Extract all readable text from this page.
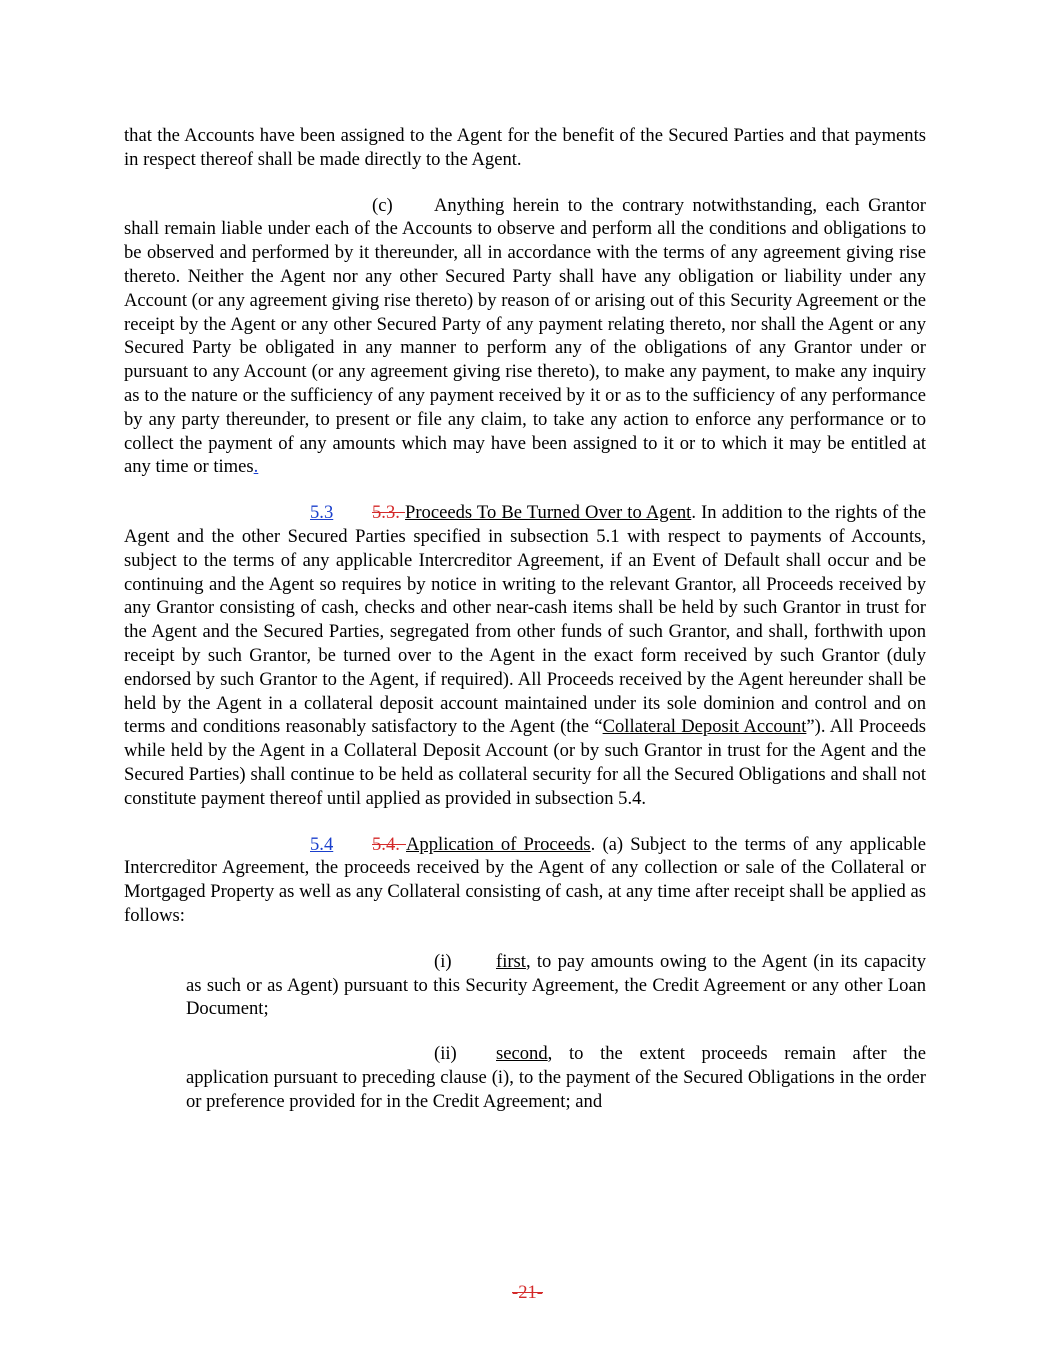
that the Accounts have been assigned to the Agent for the benefit of the Secured Parties and that payments in respect thereof shall be made directly to the Agent.

(c) Anything herein to the contrary notwithstanding, each Grantor shall remain liable under each of the Accounts to observe and perform all the conditions and obligations to be observed and performed by it thereunder, all in accordance with the terms of any agreement giving rise thereto. Neither the Agent nor any other Secured Party shall have any obligation or liability under any Account (or any agreement giving rise thereto) by reason of or arising out of this Security Agreement or the receipt by the Agent or any other Secured Party of any payment relating thereto, nor shall the Agent or any Secured Party be obligated in any manner to perform any of the obligations of any Grantor under or pursuant to any Account (or any agreement giving rise thereto), to make any payment, to make any inquiry as to the nature or the sufficiency of any payment received by it or as to the sufficiency of any performance by any party thereunder, to present or file any claim, to take any action to enforce any performance or to collect the payment of any amounts which may have been assigned to it or to which it may be entitled at any time or times.

5.3 5.3. Proceeds To Be Turned Over to Agent. In addition to the rights of the Agent and the other Secured Parties specified in subsection 5.1 with respect to payments of Accounts, subject to the terms of any applicable Intercreditor Agreement, if an Event of Default shall occur and be continuing and the Agent so requires by notice in writing to the relevant Grantor, all Proceeds received by any Grantor consisting of cash, checks and other near-cash items shall be held by such Grantor in trust for the Agent and the Secured Parties, segregated from other funds of such Grantor, and shall, forthwith upon receipt by such Grantor, be turned over to the Agent in the exact form received by such Grantor (duly endorsed by such Grantor to the Agent, if required). All Proceeds received by the Agent hereunder shall be held by the Agent in a collateral deposit account maintained under its sole dominion and control and on terms and conditions reasonably satisfactory to the Agent (the “Collateral Deposit Account”). All Proceeds while held by the Agent in a Collateral Deposit Account (or by such Grantor in trust for the Agent and the Secured Parties) shall continue to be held as collateral security for all the Secured Obligations and shall not constitute payment thereof until applied as provided in subsection 5.4.

5.4 5.4. Application of Proceeds. (a) Subject to the terms of any applicable Intercreditor Agreement, the proceeds received by the Agent of any collection or sale of the Collateral or Mortgaged Property as well as any Collateral consisting of cash, at any time after receipt shall be applied as follows:

(i) first, to pay amounts owing to the Agent (in its capacity as such or as Agent) pursuant to this Security Agreement, the Credit Agreement or any other Loan Document;

(ii) second, to the extent proceeds remain after the application pursuant to preceding clause (i), to the payment of the Secured Obligations in the order or preference provided for in the Credit Agreement; and

-21-
